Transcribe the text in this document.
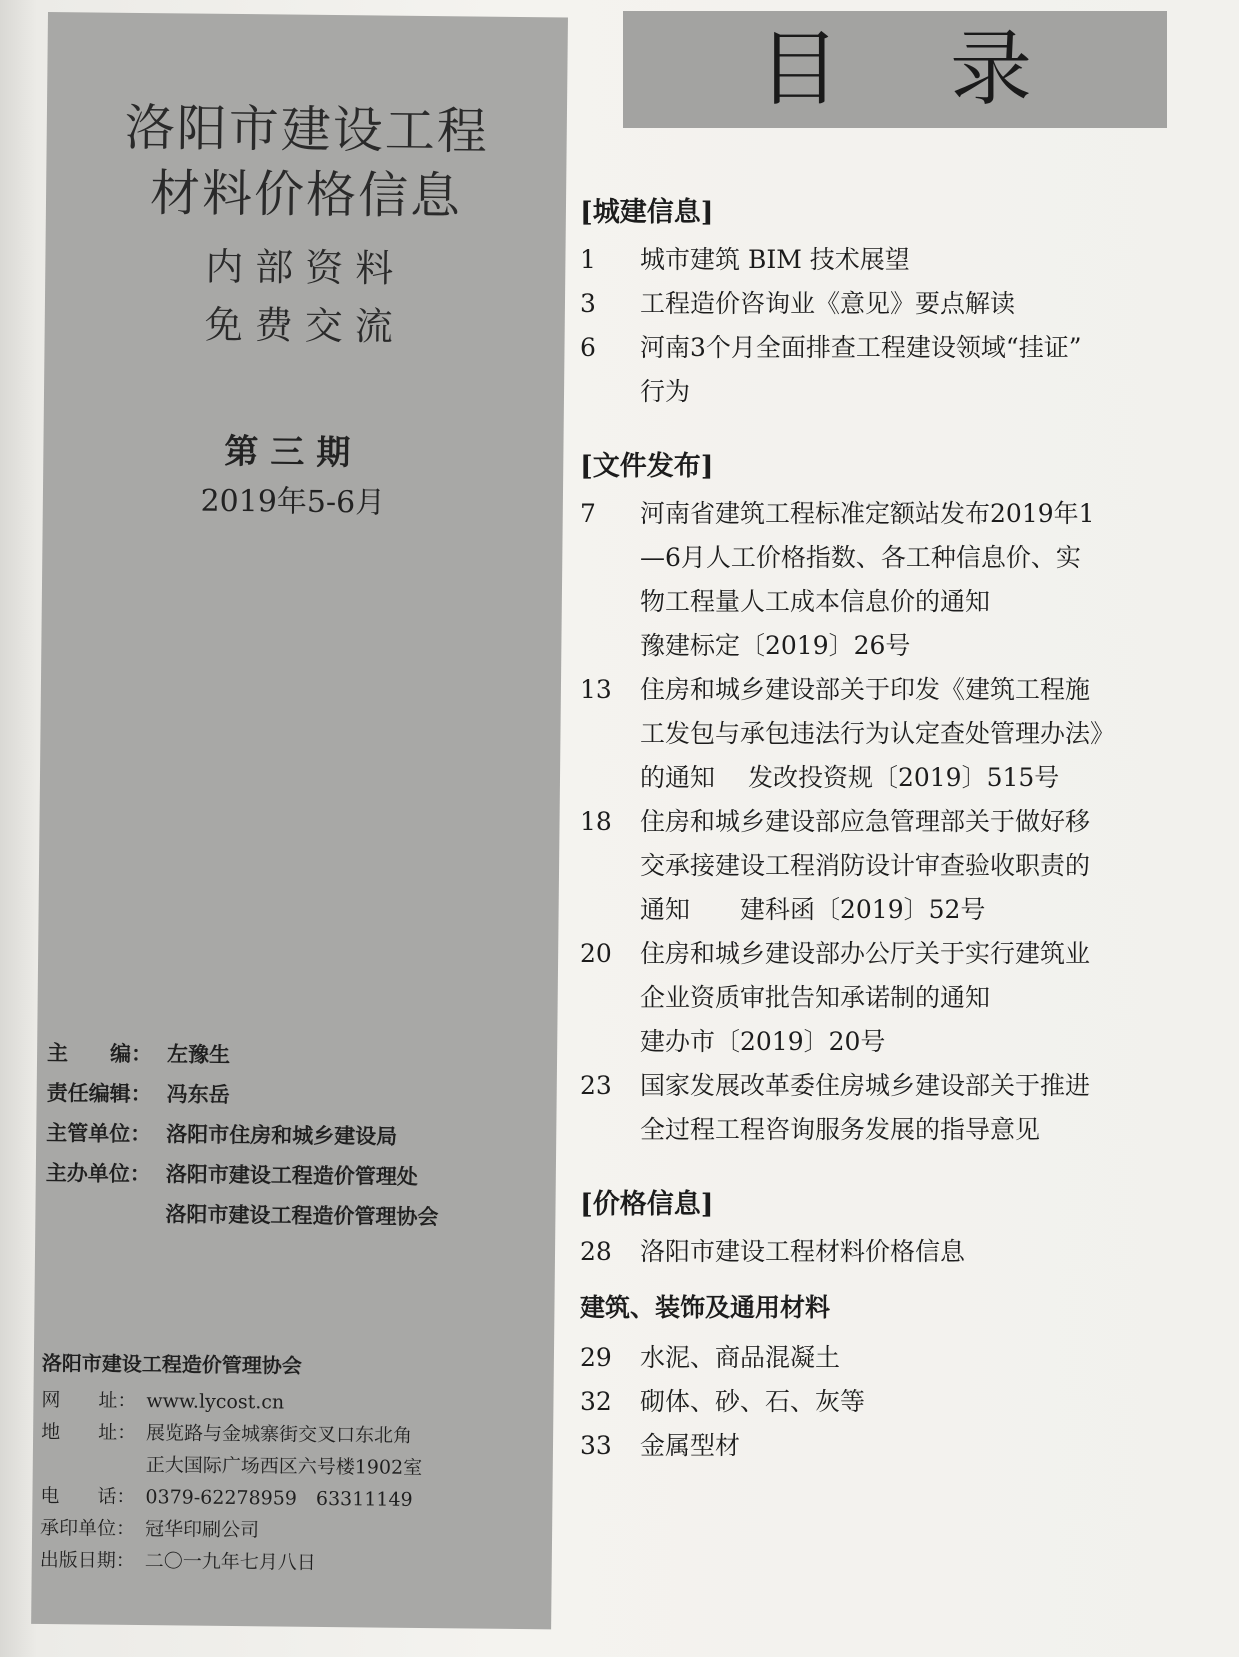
洛阳市建设工程
材料价格信息
内部资料
免费交流
第三期
2019年5-6月
主　　编： 左豫生
责任编辑： 冯东岳
主管单位： 洛阳市住房和城乡建设局
主办单位： 洛阳市建设工程造价管理处
洛阳市建设工程造价管理协会
洛阳市建设工程造价管理协会
网　　址： www.lycost.cn
地　　址： 展览路与金城寨街交叉口东北角
正大国际广场西区六号楼1902室
电　　话： 0379-62278959　63311149
承印单位： 冠华印刷公司
出版日期： 二〇一九年七月八日
目录
[城建信息]
1	城市建筑 BIM 技术展望
3	工程造价咨询业《意见》要点解读
6	河南3个月全面排查工程建设领域“挂证”
行为
[文件发布]
7	河南省建筑工程标准定额站发布2019年1
—6月人工价格指数、各工种信息价、实
物工程量人工成本信息价的通知
豫建标定〔2019〕26号
13	住房和城乡建设部关于印发《建筑工程施
工发包与承包违法行为认定查处管理办法》
的通知　 发改投资规〔2019〕515号
18	住房和城乡建设部应急管理部关于做好移
交承接建设工程消防设计审查验收职责的
通知　　建科函〔2019〕52号
20	住房和城乡建设部办公厅关于实行建筑业
企业资质审批告知承诺制的通知
建办市〔2019〕20号
23	国家发展改革委住房城乡建设部关于推进
全过程工程咨询服务发展的指导意见
[价格信息]
28	洛阳市建设工程材料价格信息
建筑、装饰及通用材料
29	水泥、商品混凝土
32	砌体、砂、石、灰等
33	金属型材
